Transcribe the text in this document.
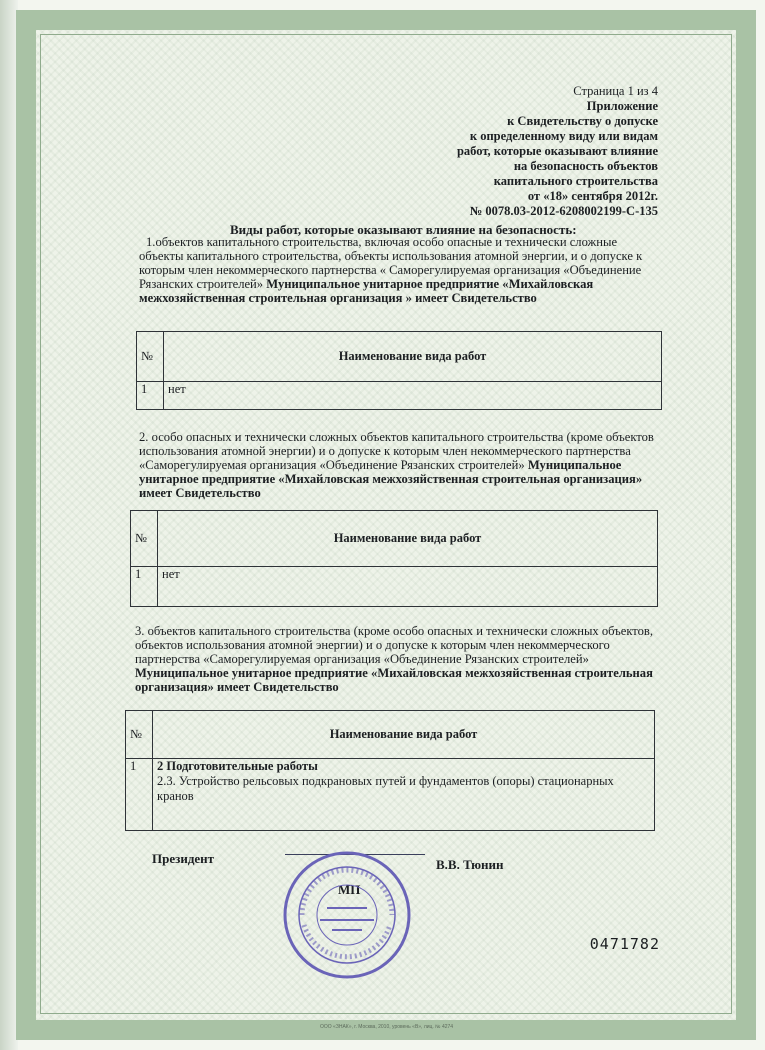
Страница 1 из 4
Приложение
к Свидетельству о допуске
к определенному виду или видам
работ, которые оказывают влияние
на безопасность объектов
капитального строительства
от «18» сентября 2012г.
№ 0078.03-2012-6208002199-С-135
Виды работ, которые оказывают влияние на безопасность:
1.объектов капитального строительства, включая особо опасные и технически сложные
объекты капитального строительства, объекты использования атомной энергии, и о допуске к
которым член некоммерческого партнерства « Саморегулируемая организация «Объединение
Рязанских строителей» Муниципальное унитарное предприятие «Михайловская
межхозяйственная строительная организация » имеет Свидетельство
№	Наименование вида работ
1	нет
2. особо опасных и технически сложных объектов капитального строительства (кроме объектов
использования атомной энергии) и о допуске к которым член некоммерческого партнерства
«Саморегулируемая организация «Объединение Рязанских строителей» Муниципальное
унитарное предприятие «Михайловская межхозяйственная строительная организация»
имеет Свидетельство
№	Наименование вида работ
1	нет
3. объектов капитального строительства (кроме особо опасных и технически сложных объектов,
объектов использования атомной энергии) и о допуске к которым член некоммерческого
партнерства «Саморегулируемая организация «Объединение Рязанских строителей»
Муниципальное унитарное предприятие «Михайловская межхозяйственная строительная
организация» имеет Свидетельство
№	Наименование вида работ
1	2 Подготовительные работы
2.3. Устройство рельсовых подкрановых путей и фундаментов (опоры) стационарных
кранов
Президент	В.В. Тюнин
МП
0471782
ООО «ЗНАК», г. Москва, 2010, уровень «В», лиц. № 4274
